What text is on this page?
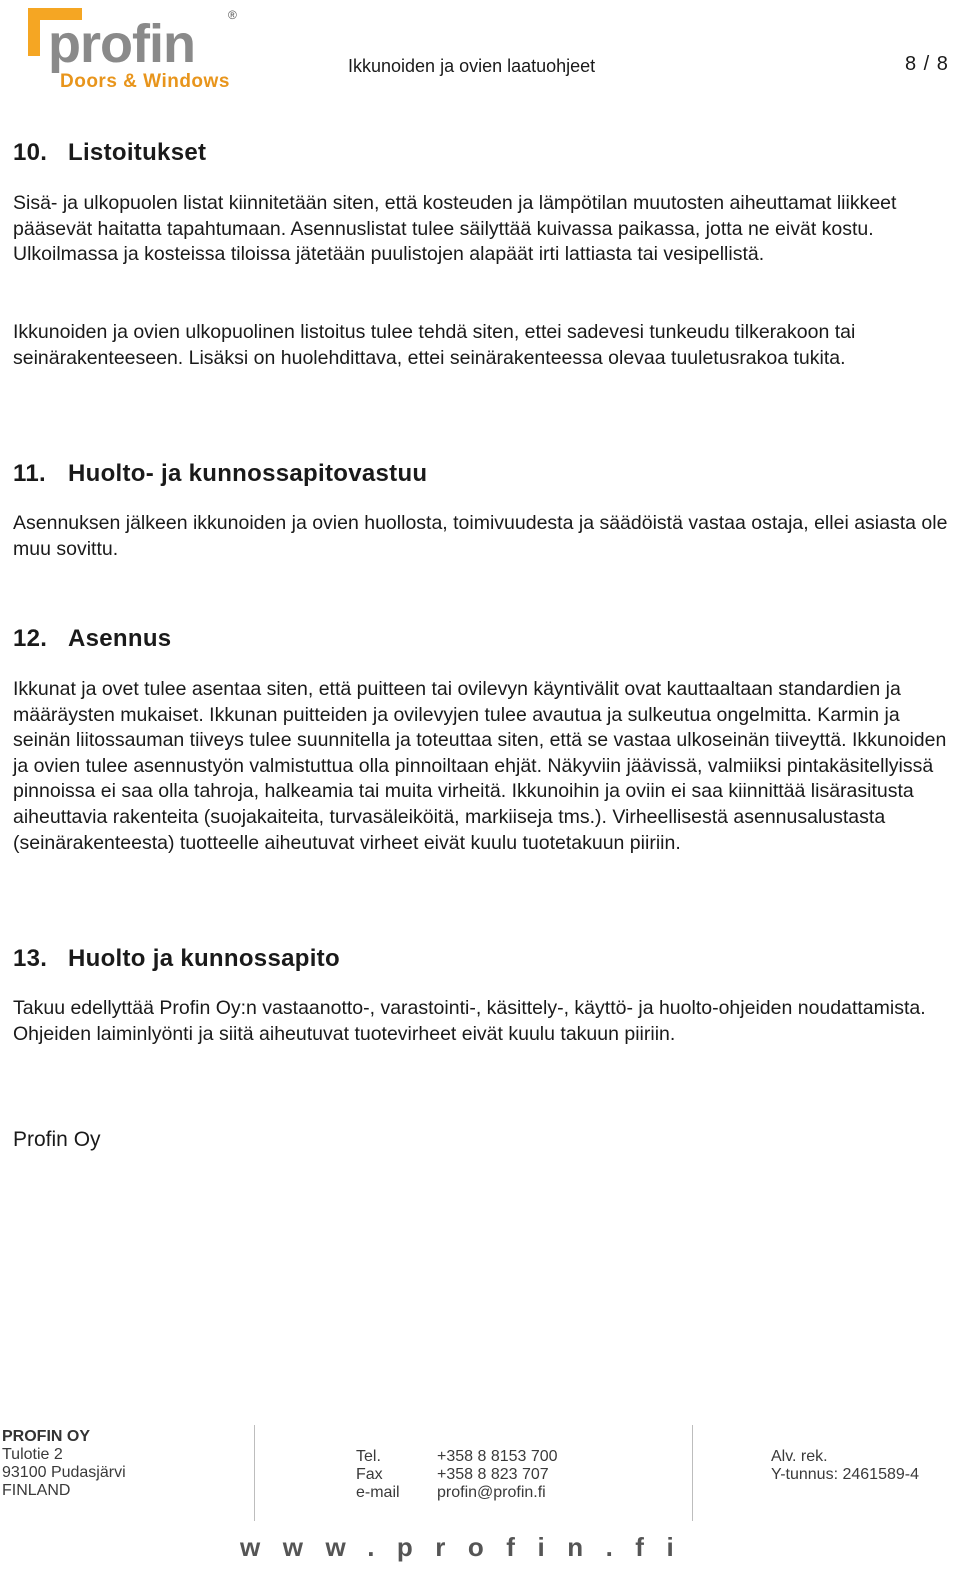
profin
Doors & Windows
®
Ikkunoiden ja ovien laatuohjeet	8 / 8
10. Listoitukset

Sisä- ja ulkopuolen listat kiinnitetään siten, että kosteuden ja lämpötilan muutosten aiheuttamat liikkeet pääsevät haitatta tapahtumaan. Asennuslistat tulee säilyttää kuivassa paikassa, jotta ne eivät kostu. Ulkoilmassa ja kosteissa tiloissa jätetään puulistojen alapäät irti lattiasta tai vesipellistä.

Ikkunoiden ja ovien ulkopuolinen listoitus tulee tehdä siten, ettei sadevesi tunkeudu tilkerakoon tai seinärakenteeseen. Lisäksi on huolehdittava, ettei seinärakenteessa olevaa tuuletusrakoa tukita.

11. Huolto- ja kunnossapitovastuu

Asennuksen jälkeen ikkunoiden ja ovien huollosta, toimivuudesta ja säädöistä vastaa ostaja, ellei asiasta ole muu sovittu.

12. Asennus

Ikkunat ja ovet tulee asentaa siten, että puitteen tai ovilevyn käyntivälit ovat kauttaaltaan standardien ja määräysten mukaiset. Ikkunan puitteiden ja ovilevyjen tulee avautua ja sulkeutua ongelmitta. Karmin ja seinän liitossauman tiiveys tulee suunnitella ja toteuttaa siten, että se vastaa ulkoseinän tiiveyttä. Ikkunoiden ja ovien tulee asennustyön valmistuttua olla pinnoiltaan ehjät. Näkyviin jäävissä, valmiiksi pintakäsitellyissä pinnoissa ei saa olla tahroja, halkeamia tai muita virheitä. Ikkunoihin ja oviin ei saa kiinnittää lisärasitusta aiheuttavia rakenteita (suojakaiteita, turvasäleiköitä, markiiseja tms.). Virheellisestä asennusalustasta (seinärakenteesta) tuotteelle aiheutuvat virheet eivät kuulu tuotetakuun piiriin.

13. Huolto ja kunnossapito

Takuu edellyttää Profin Oy:n vastaanotto-, varastointi-, käsittely-, käyttö- ja huolto-ohjeiden noudattamista. Ohjeiden laiminlyönti ja siitä aiheutuvat tuotevirheet eivät kuulu takuun piiriin.

Profin Oy
PROFIN OY
Tulotie 2
93100 Pudasjärvi
FINLAND
Tel.
Fax
e-mail
+358 8 8153 700
+358 8 823 707
profin@profin.fi
Alv. rek.
Y-tunnus: 2461589-4
www.profin.fi
